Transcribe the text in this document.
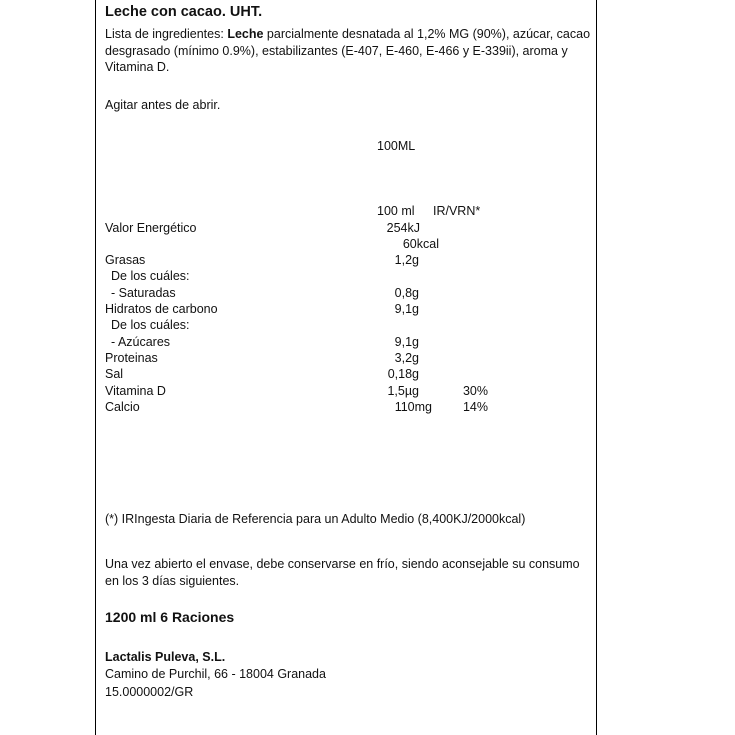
Leche con cacao. UHT.

Lista de ingredientes: Leche parcialmente desnatada al 1,2% MG (90%), azúcar, cacao desgrasado (mínimo 0.9%), estabilizantes (E-407, E-460, E-466 y E-339ii), aroma y Vitamina D.

Agitar antes de abrir.

100ML

100 ml IR/VRN*

Valor Energético	254kJ
60kcal
Grasas	1,2g
De los cuáles:
- Saturadas	0,8g
Hidratos de carbono	9,1g
De los cuáles:
- Azúcares	9,1g
Proteinas	3,2g
Sal	0,18g
Vitamina D	1,5µg	30%
Calcio	110mg	14%

(*) IRIngesta Diaria de Referencia para un Adulto Medio (8,400KJ/2000kcal)

Una vez abierto el envase, debe conservarse en frío, siendo aconsejable su consumo en los 3 días siguientes.

1200 ml 6 Raciones

Lactalis Puleva, S.L.

Camino de Purchil, 66 - 18004 Granada

15.0000002/GR
